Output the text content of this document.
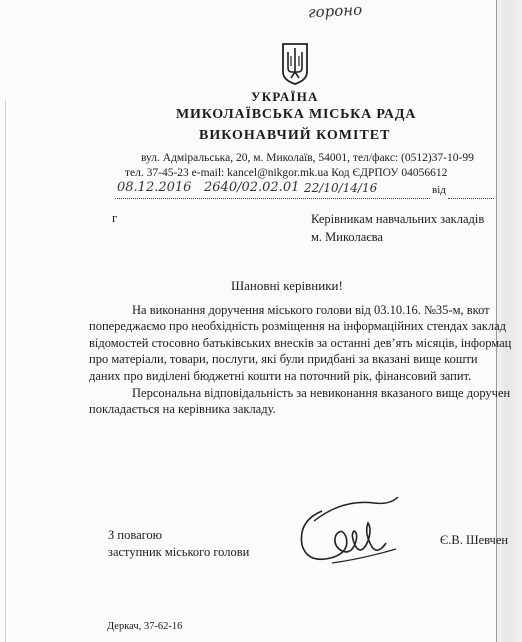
гороно
УКРАЇНА
МИКОЛАЇВСЬКА МІСЬКА РАДА
ВИКОНАВЧИЙ КОМІТЕТ
вул. Адміральська, 20, м. Миколаїв, 54001, тел/факс: (0512)37-10-99
тел. 37-45-23 e-mail: kancel@nikgor.mk.ua Код ЄДРПОУ 04056612
08.12.2016 2640/02.02.01 22/10/14/16	від
г	Керівникам навчальних закладів
м. Миколаєва
Шановні керівники!
На виконання доручення міського голови від 03.10.16. №35-м, вкот
попереджаємо про необхідність розміщення на інформаційних стендах заклад
відомостей стосовно батьківських внесків за останні дев’ять місяців, інформац
про матеріали, товари, послуги, які були придбані за вказані вище кошти
даних про виділені бюджетні кошти на поточний рік, фінансовий запит.
Персональна відповідальність за невиконання вказаного вище доручен
покладається на керівника закладу.
З повагою
заступник міського голови
Є.В. Шевчен
Деркач, 37-62-16
